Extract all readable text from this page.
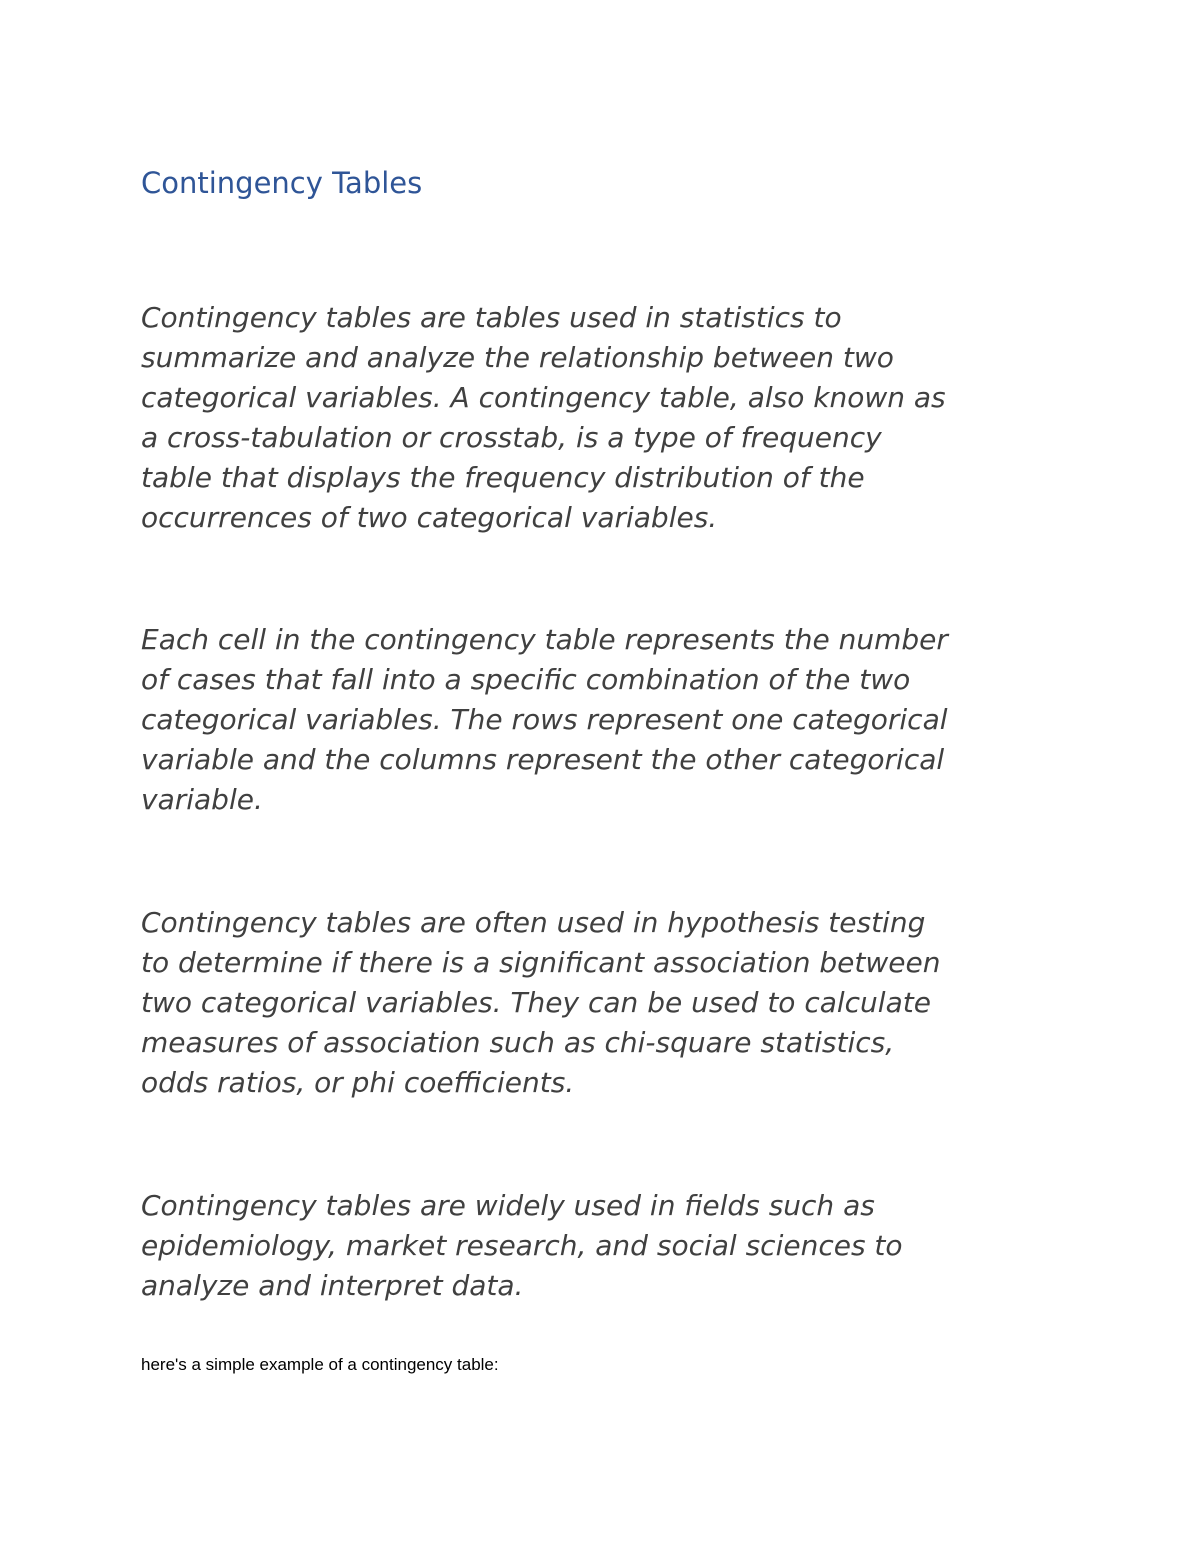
Contingency Tables

Contingency tables are tables used in statistics to
summarize and analyze the relationship between two
categorical variables. A contingency table, also known as
a cross-tabulation or crosstab, is a type of frequency
table that displays the frequency distribution of the
occurrences of two categorical variables.

Each cell in the contingency table represents the number
of cases that fall into a specific combination of the two
categorical variables. The rows represent one categorical
variable and the columns represent the other categorical
variable.

Contingency tables are often used in hypothesis testing
to determine if there is a significant association between
two categorical variables. They can be used to calculate
measures of association such as chi-square statistics,
odds ratios, or phi coefficients.

Contingency tables are widely used in fields such as
epidemiology, market research, and social sciences to
analyze and interpret data.

here's a simple example of a contingency table:
